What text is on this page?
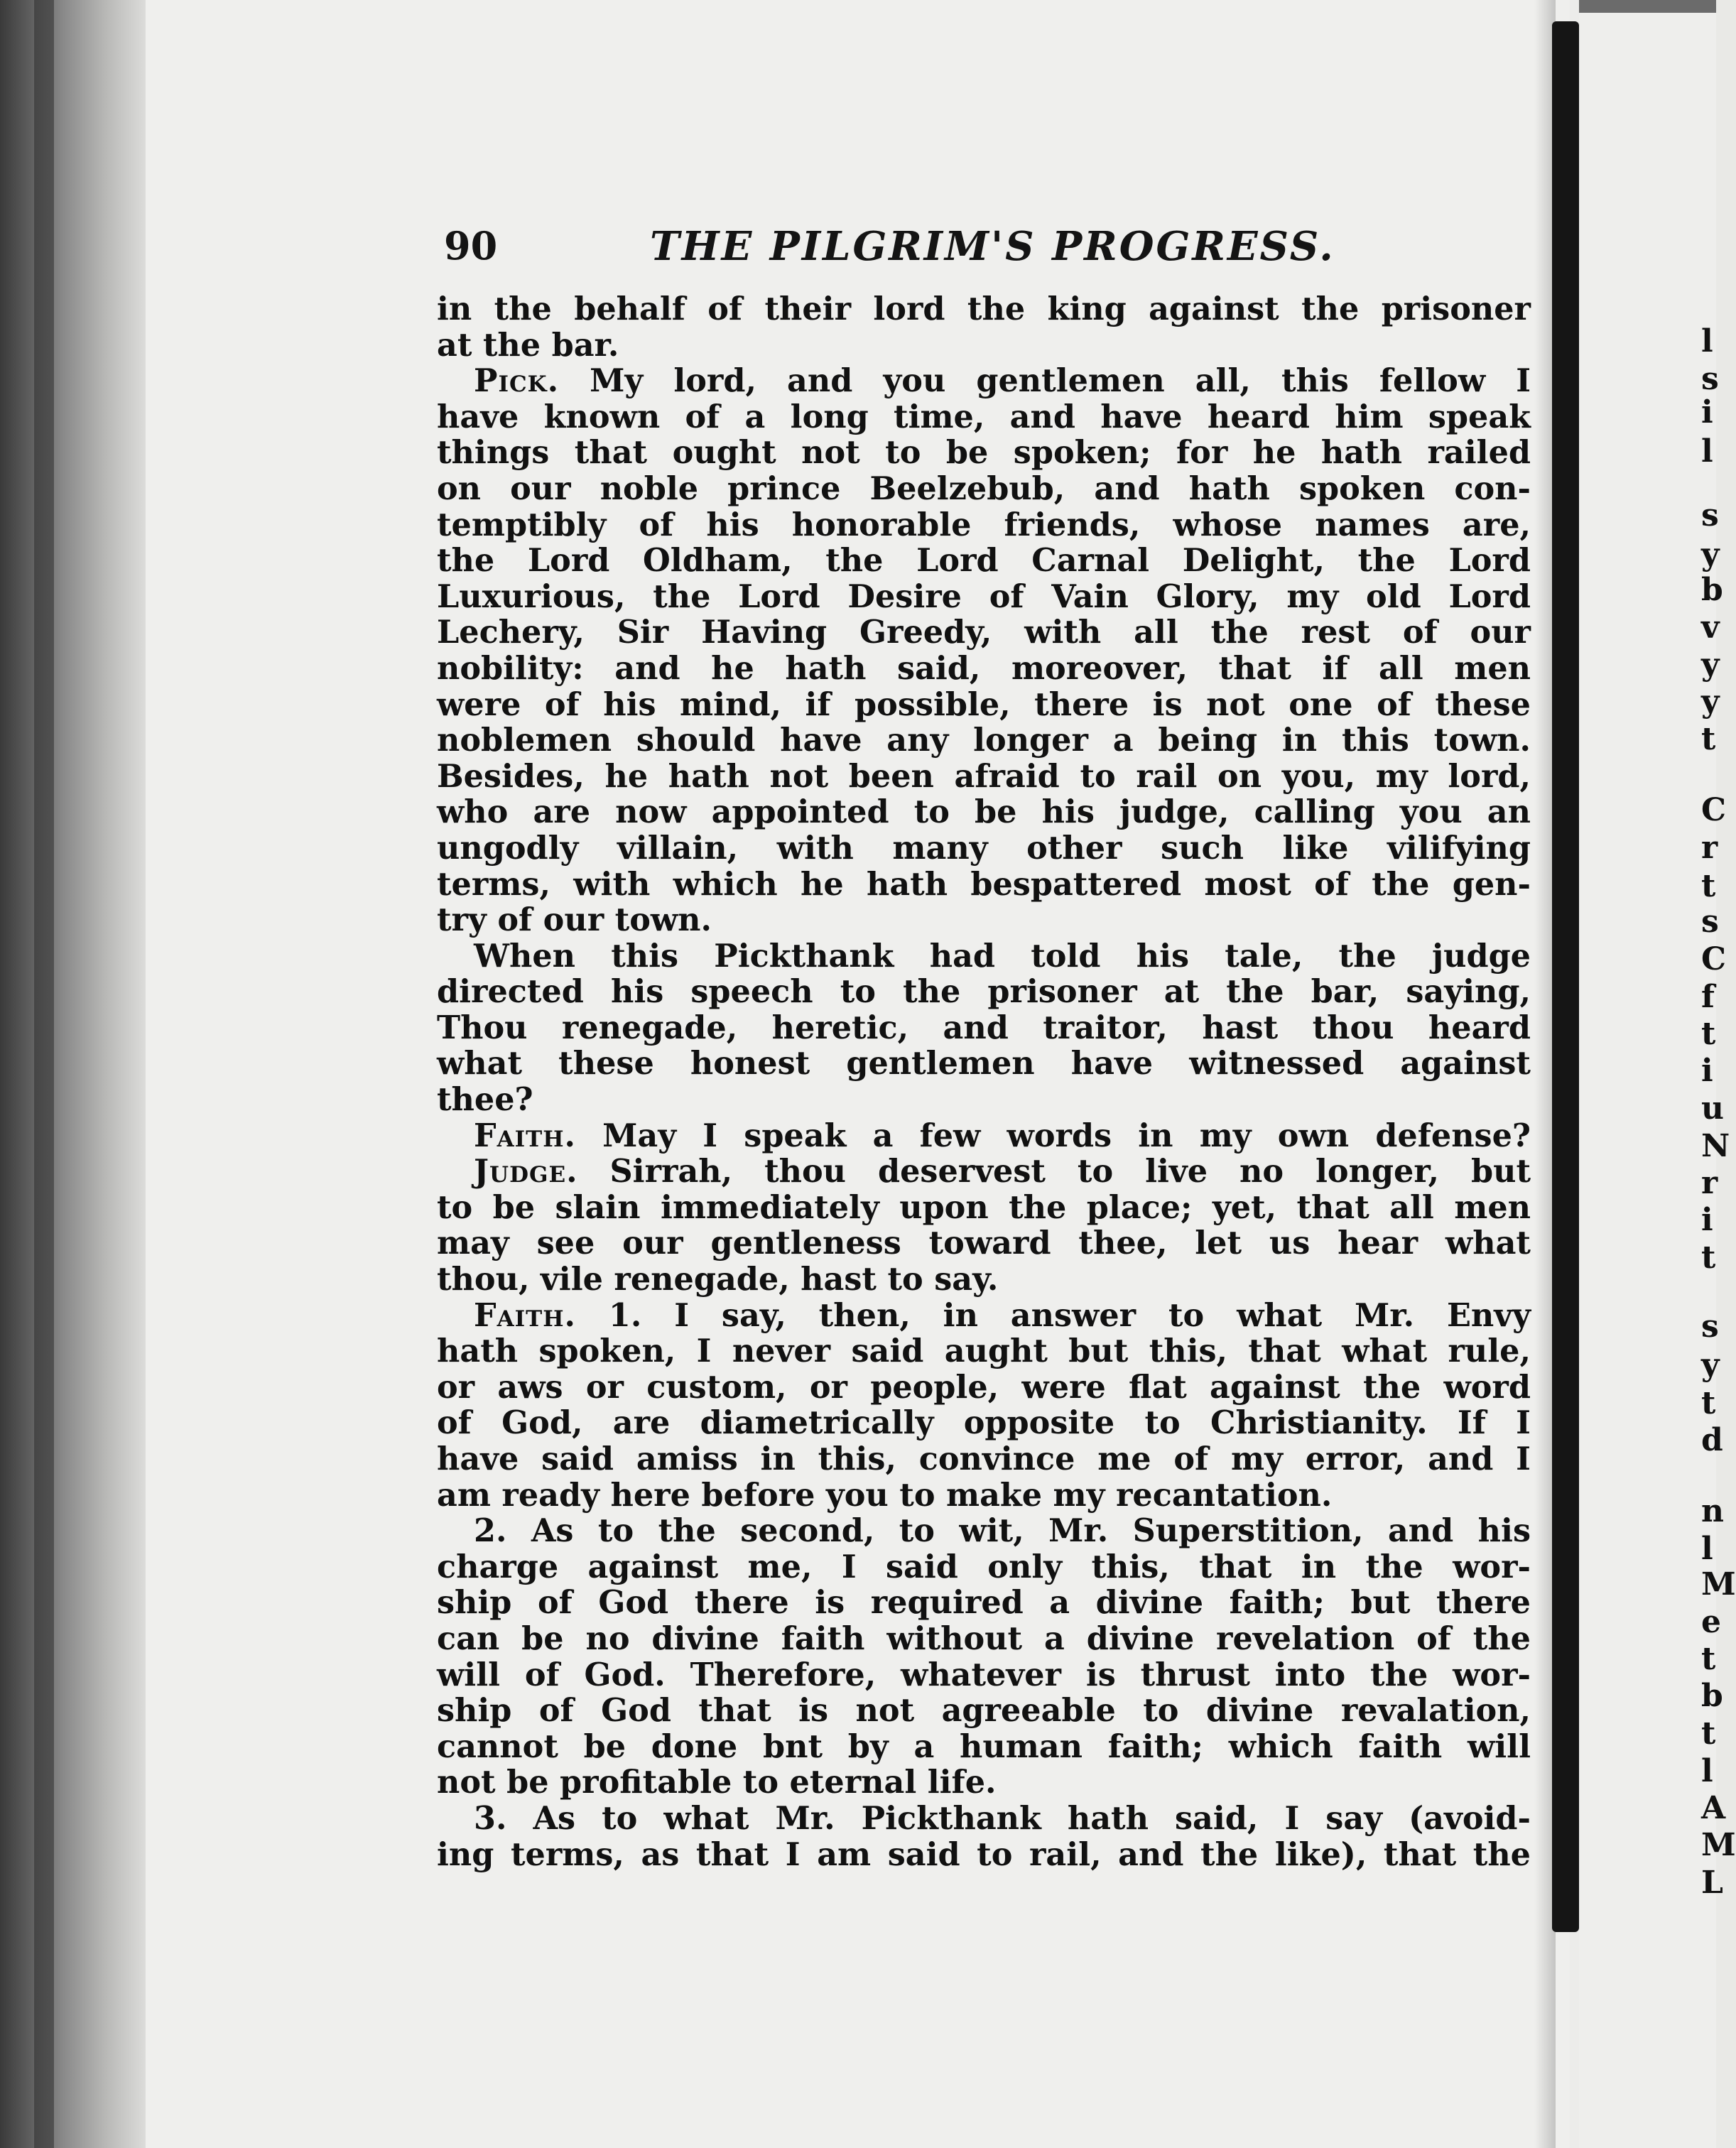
90	THE PILGRIM'S PROGRESS.
in the behalf of their lord the king against the prisoner
at the bar.
Pick. My lord, and you gentlemen all, this fellow I
have known of a long time, and have heard him speak
things that ought not to be spoken; for he hath railed
on our noble prince Beelzebub, and hath spoken con-
temptibly of his honorable friends, whose names are,
the Lord Oldham, the Lord Carnal Delight, the Lord
Luxurious, the Lord Desire of Vain Glory, my old Lord
Lechery, Sir Having Greedy, with all the rest of our
nobility: and he hath said, moreover, that if all men
were of his mind, if possible, there is not one of these
noblemen should have any longer a being in this town.
Besides, he hath not been afraid to rail on you, my lord,
who are now appointed to be his judge, calling you an
ungodly villain, with many other such like vilifying
terms, with which he hath bespattered most of the gen-
try of our town.
When this Pickthank had told his tale, the judge
directed his speech to the prisoner at the bar, saying,
Thou renegade, heretic, and traitor, hast thou heard
what these honest gentlemen have witnessed against
thee?
Faith. May I speak a few words in my own defense?
Judge. Sirrah, thou deservest to live no longer, but
to be slain immediately upon the place; yet, that all men
may see our gentleness toward thee, let us hear what
thou, vile renegade, hast to say.
Faith. 1. I say, then, in answer to what Mr. Envy
hath spoken, I never said aught but this, that what rule,
or aws or custom, or people, were flat against the word
of God, are diametrically opposite to Christianity. If I
have said amiss in this, convince me of my error, and I
am ready here before you to make my recantation.
2. As to the second, to wit, Mr. Superstition, and his
charge against me, I said only this, that in the wor-
ship of God there is required a divine faith; but there
can be no divine faith without a divine revelation of the
will of God. Therefore, whatever is thrust into the wor-
ship of God that is not agreeable to divine revalation,
cannot be done bnt by a human faith; which faith will
not be profitable to eternal life.
3. As to what Mr. Pickthank hath said, I say (avoid-
ing terms, as that I am said to rail, and the like), that the
l
s
i
l
s
y
b
v
y
y
t
C
r
t
s
C
f
t
i
u
N
r
i
t
s
y
t
d
n
l
M
e
t
b
t
l
A
M
L
